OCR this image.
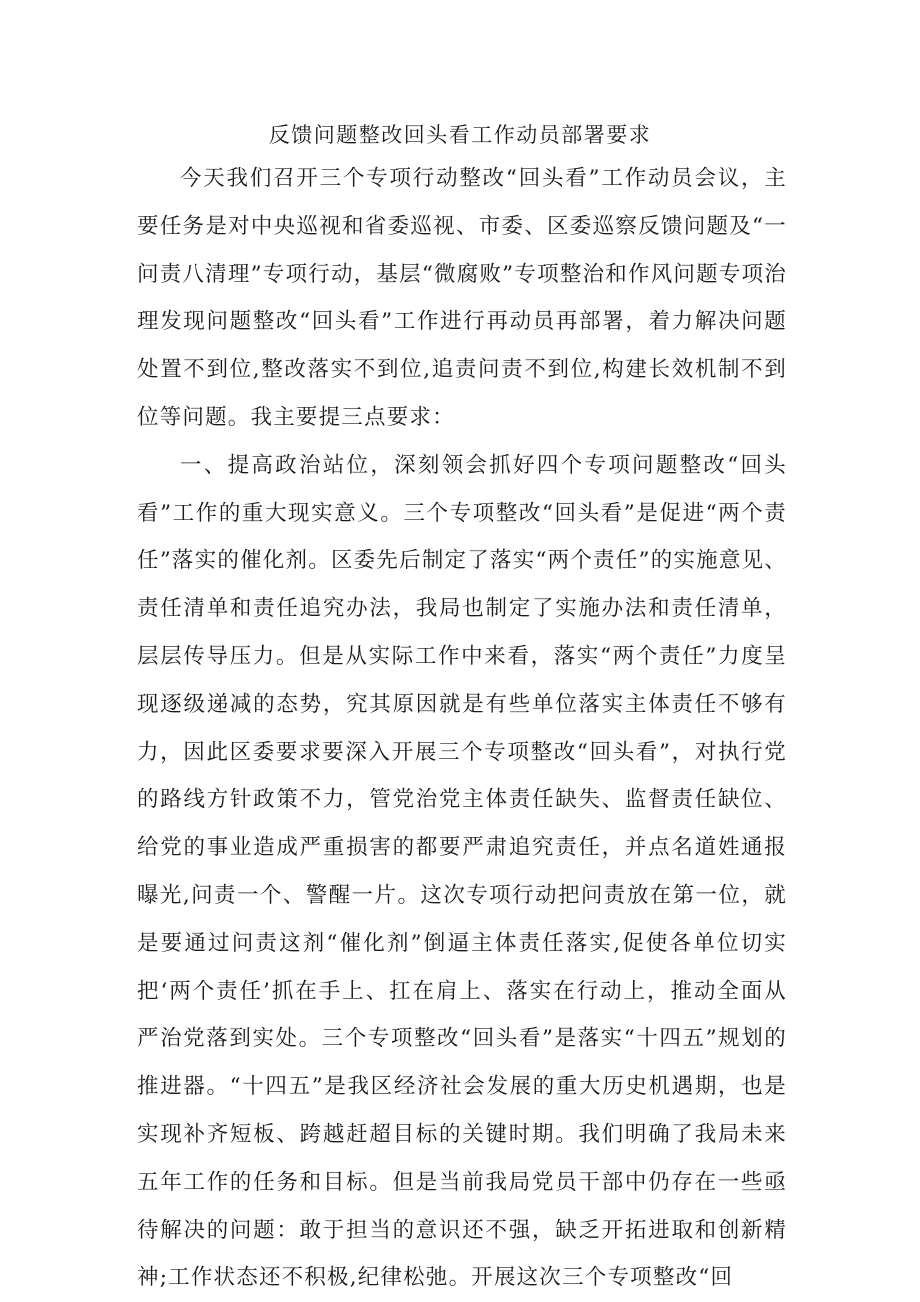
反馈问题整改回头看工作动员部署要求

今天我们召开三个专项行动整改“回头看”工作动员会议，主要任务是对中央巡视和省委巡视、市委、区委巡察反馈问题及“一问责八清理”专项行动，基层“微腐败”专项整治和作风问题专项治理发现问题整改“回头看”工作进行再动员再部署，着力解决问题处置不到位,整改落实不到位,追责问责不到位,构建长效机制不到位等问题。我主要提三点要求：

一、提高政治站位，深刻领会抓好四个专项问题整改“回头看”工作的重大现实意义。三个专项整改“回头看”是促进“两个责任”落实的催化剂。区委先后制定了落实“两个责任”的实施意见、责任清单和责任追究办法，我局也制定了实施办法和责任清单，层层传导压力。但是从实际工作中来看，落实“两个责任”力度呈现逐级递减的态势，究其原因就是有些单位落实主体责任不够有力，因此区委要求要深入开展三个专项整改“回头看”，对执行党的路线方针政策不力，管党治党主体责任缺失、监督责任缺位、给党的事业造成严重损害的都要严肃追究责任，并点名道姓通报曝光,问责一个、警醒一片。这次专项行动把问责放在第一位，就是要通过问责这剂“催化剂”倒逼主体责任落实,促使各单位切实把‘两个责任’抓在手上、扛在肩上、落实在行动上，推动全面从严治党落到实处。三个专项整改“回头看”是落实“十四五”规划的推进器。“十四五”是我区经济社会发展的重大历史机遇期，也是实现补齐短板、跨越赶超目标的关键时期。我们明确了我局未来五年工作的任务和目标。但是当前我局党员干部中仍存在一些亟待解决的问题：敢于担当的意识还不强，缺乏开拓进取和创新精神;工作状态还不积极,纪律松弛。开展这次三个专项整改“回
